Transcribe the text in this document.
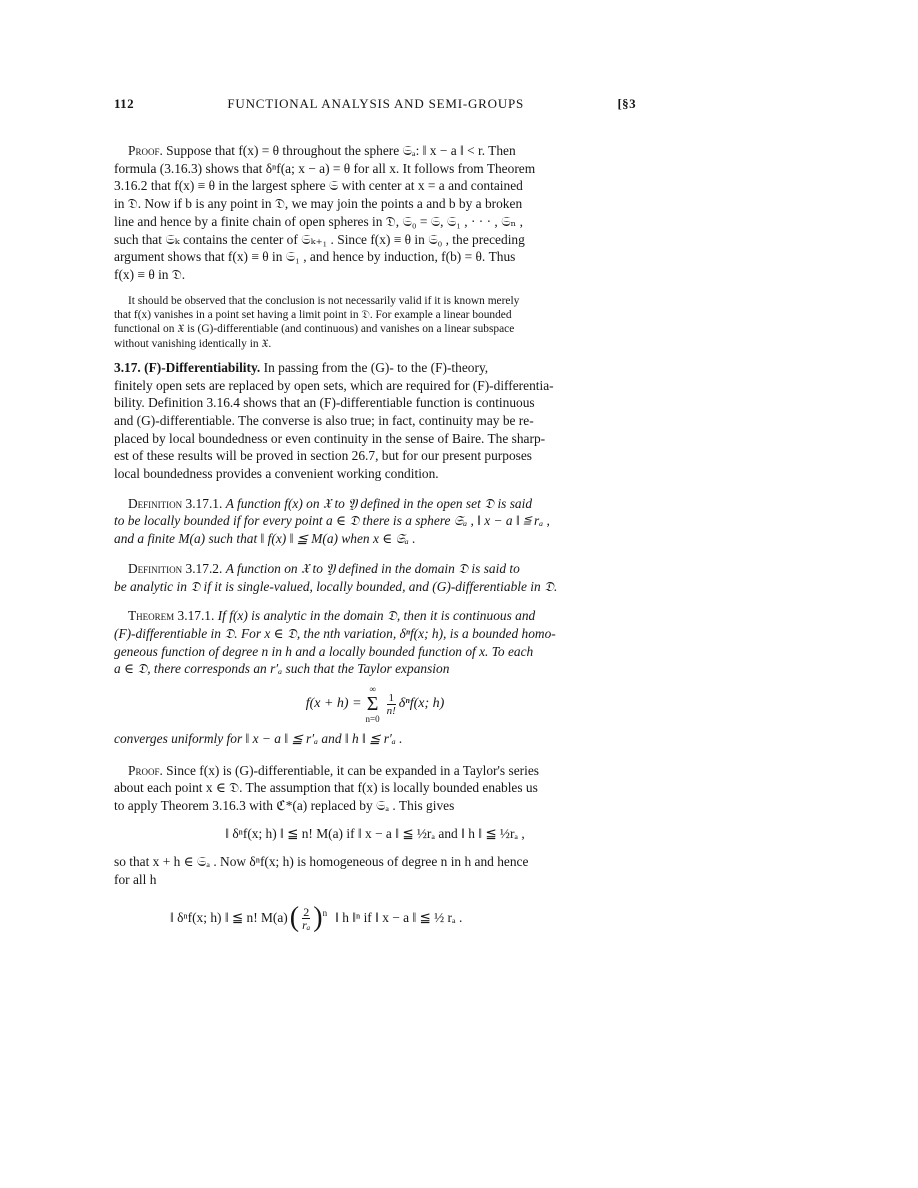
112	FUNCTIONAL ANALYSIS AND SEMI-GROUPS	[§3
Proof. Suppose that f(x) = θ throughout the sphere 𝔖ₐ: ‖ x − a ‖ < r. Then
formula (3.16.3) shows that δⁿf(a; x − a) = θ for all x. It follows from Theorem
3.16.2 that f(x) ≡ θ in the largest sphere 𝔖 with center at x = a and contained
in 𝔇. Now if b is any point in 𝔇, we may join the points a and b by a broken
line and hence by a finite chain of open spheres in 𝔇, 𝔖₀ = 𝔖, 𝔖₁ , · · · , 𝔖ₙ ,
such that 𝔖ₖ contains the center of 𝔖ₖ₊₁ . Since f(x) ≡ θ in 𝔖₀ , the preceding
argument shows that f(x) ≡ θ in 𝔖₁ , and hence by induction, f(b) = θ. Thus
f(x) ≡ θ in 𝔇.
It should be observed that the conclusion is not necessarily valid if it is known merely
that f(x) vanishes in a point set having a limit point in 𝔇. For example a linear bounded
functional on 𝔛 is (G)-differentiable (and continuous) and vanishes on a linear subspace
without vanishing identically in 𝔛.
3.17. (F)-Differentiability. In passing from the (G)- to the (F)-theory,
finitely open sets are replaced by open sets, which are required for (F)-differentia-
bility. Definition 3.16.4 shows that an (F)-differentiable function is continuous
and (G)-differentiable. The converse is also true; in fact, continuity may be re-
placed by local boundedness or even continuity in the sense of Baire. The sharp-
est of these results will be proved in section 26.7, but for our present purposes
local boundedness provides a convenient working condition.
Definition 3.17.1. A function f(x) on 𝔛 to 𝔜 defined in the open set 𝔇 is said
to be locally bounded if for every point a ∈ 𝔇 there is a sphere 𝔖ₐ , ‖ x − a ‖ ≦ rₐ ,
and a finite M(a) such that ‖ f(x) ‖ ≦ M(a) when x ∈ 𝔖ₐ .
Definition 3.17.2. A function on 𝔛 to 𝔜 defined in the domain 𝔇 is said to
be analytic in 𝔇 if it is single-valued, locally bounded, and (G)-differentiable in 𝔇.
Theorem 3.17.1. If f(x) is analytic in the domain 𝔇, then it is continuous and
(F)-differentiable in 𝔇. For x ∈ 𝔇, the nth variation, δⁿf(x; h), is a bounded homo-
geneous function of degree n in h and a locally bounded function of x. To each
a ∈ 𝔇, there corresponds an r′ₐ such that the Taylor expansion
f(x + h) =
∞
Σ
n=0
$\frac{1}{n!} \delta^nf(x$; h)
converges uniformly for ‖ x − a ‖ ≦ r′ₐ and ‖ h ‖ ≦ r′ₐ .
Proof. Since f(x) is (G)-differentiable, it can be expanded in a Taylor's series
about each point x ∈ 𝔇. The assumption that f(x) is locally bounded enables us
to apply Theorem 3.16.3 with ℭ*(a) replaced by 𝔖ₐ . This gives
‖ δⁿf(x; h) ‖ ≦ n! M(a) if ‖ x − a ‖ ≦ ½rₐ and ‖ h ‖ ≦ ½rₐ ,
so that x + h ∈ 𝔖ₐ . Now δⁿf(x; h) is homogeneous of degree n in h and hence
for all h
‖ δⁿf(x; h) ‖ ≦ n! M(a) ( $\frac{2}{\text{rₐ}} )^n$ ‖ h ‖ⁿ if ‖ x − a ‖ ≦ ½ rₐ .
